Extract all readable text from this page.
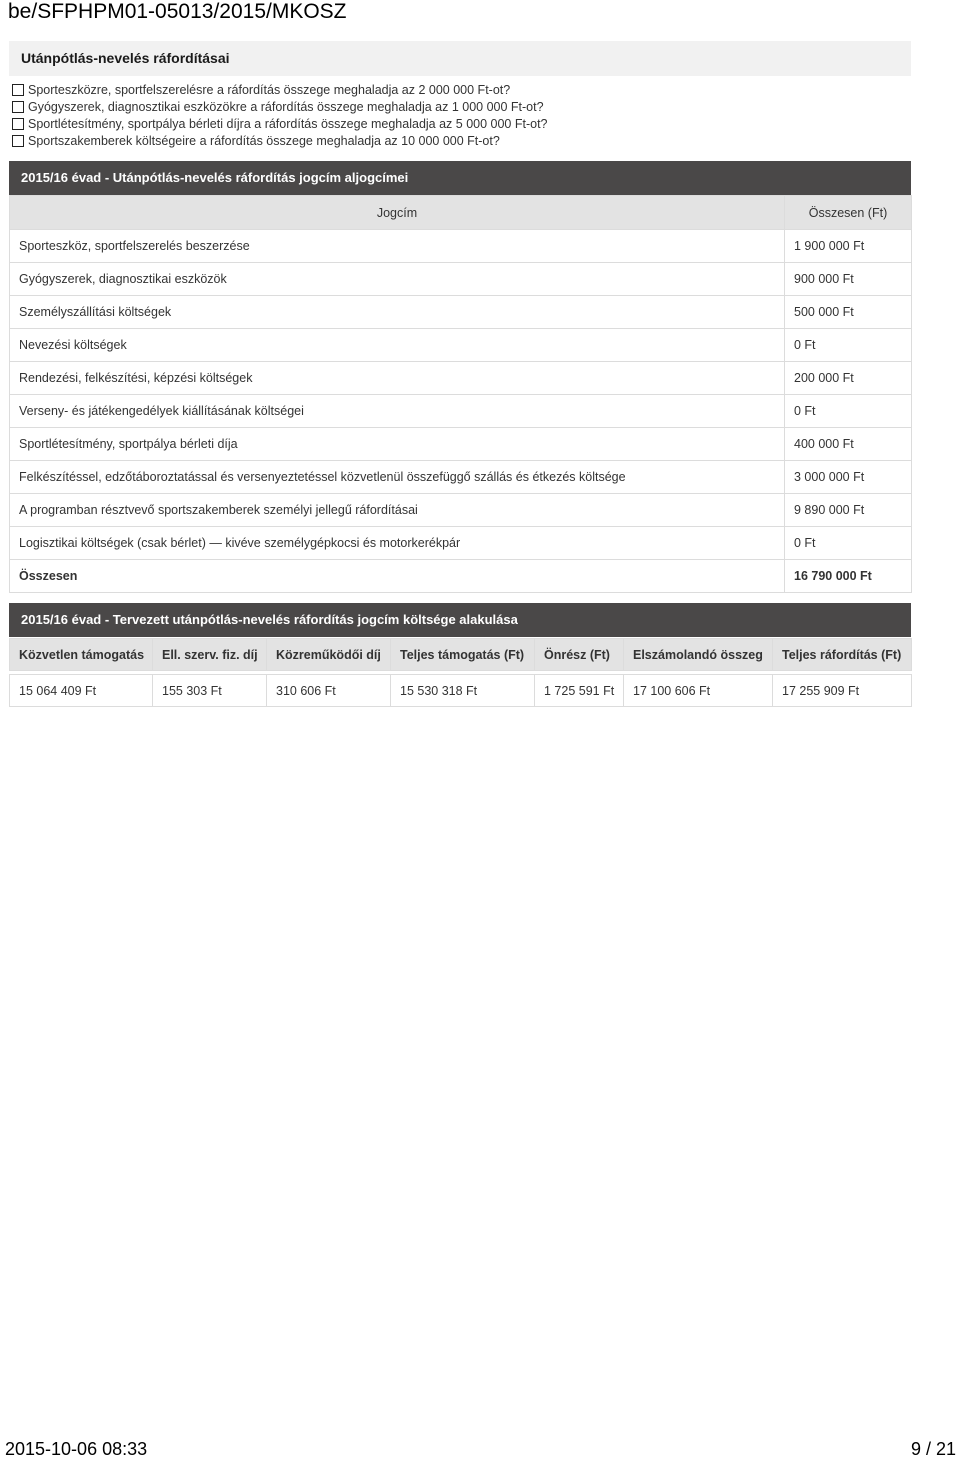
be/SFPHPM01-05013/2015/MKOSZ
Utánpótlás-nevelés ráfordításai
Sporteszközre, sportfelszerelésre a ráfordítás összege meghaladja az 2 000 000 Ft-ot?
Gyógyszerek, diagnosztikai eszközökre a ráfordítás összege meghaladja az 1 000 000 Ft-ot?
Sportlétesítmény, sportpálya bérleti díjra a ráfordítás összege meghaladja az 5 000 000 Ft-ot?
Sportszakemberek költségeire a ráfordítás összege meghaladja az 10 000 000 Ft-ot?
2015/16 évad - Utánpótlás-nevelés ráfordítás jogcím aljogcímei
Jogcím	Összesen (Ft)
Sporteszköz, sportfelszerelés beszerzése	1 900 000 Ft
Gyógyszerek, diagnosztikai eszközök	900 000 Ft
Személyszállítási költségek	500 000 Ft
Nevezési költségek	0 Ft
Rendezési, felkészítési, képzési költségek	200 000 Ft
Verseny- és játékengedélyek kiállításának költségei	0 Ft
Sportlétesítmény, sportpálya bérleti díja	400 000 Ft
Felkészítéssel, edzőtáboroztatással és versenyeztetéssel közvetlenül összefüggő szállás és étkezés költsége	3 000 000 Ft
A programban résztvevő sportszakemberek személyi jellegű ráfordításai	9 890 000 Ft
Logisztikai költségek (csak bérlet) ― kivéve személygépkocsi és motorkerékpár	0 Ft
Összesen	16 790 000 Ft
2015/16 évad - Tervezett utánpótlás-nevelés ráfordítás jogcím költsége alakulása
Közvetlen támogatás	Ell. szerv. fiz. díj	Közreműködői díj	Teljes támogatás (Ft)	Önrész (Ft)	Elszámolandó összeg	Teljes ráfordítás (Ft)

15 064 409 Ft	155 303 Ft	310 606 Ft	15 530 318 Ft	1 725 591 Ft	17 100 606 Ft	17 255 909 Ft
2015-10-06 08:33	9 / 21
